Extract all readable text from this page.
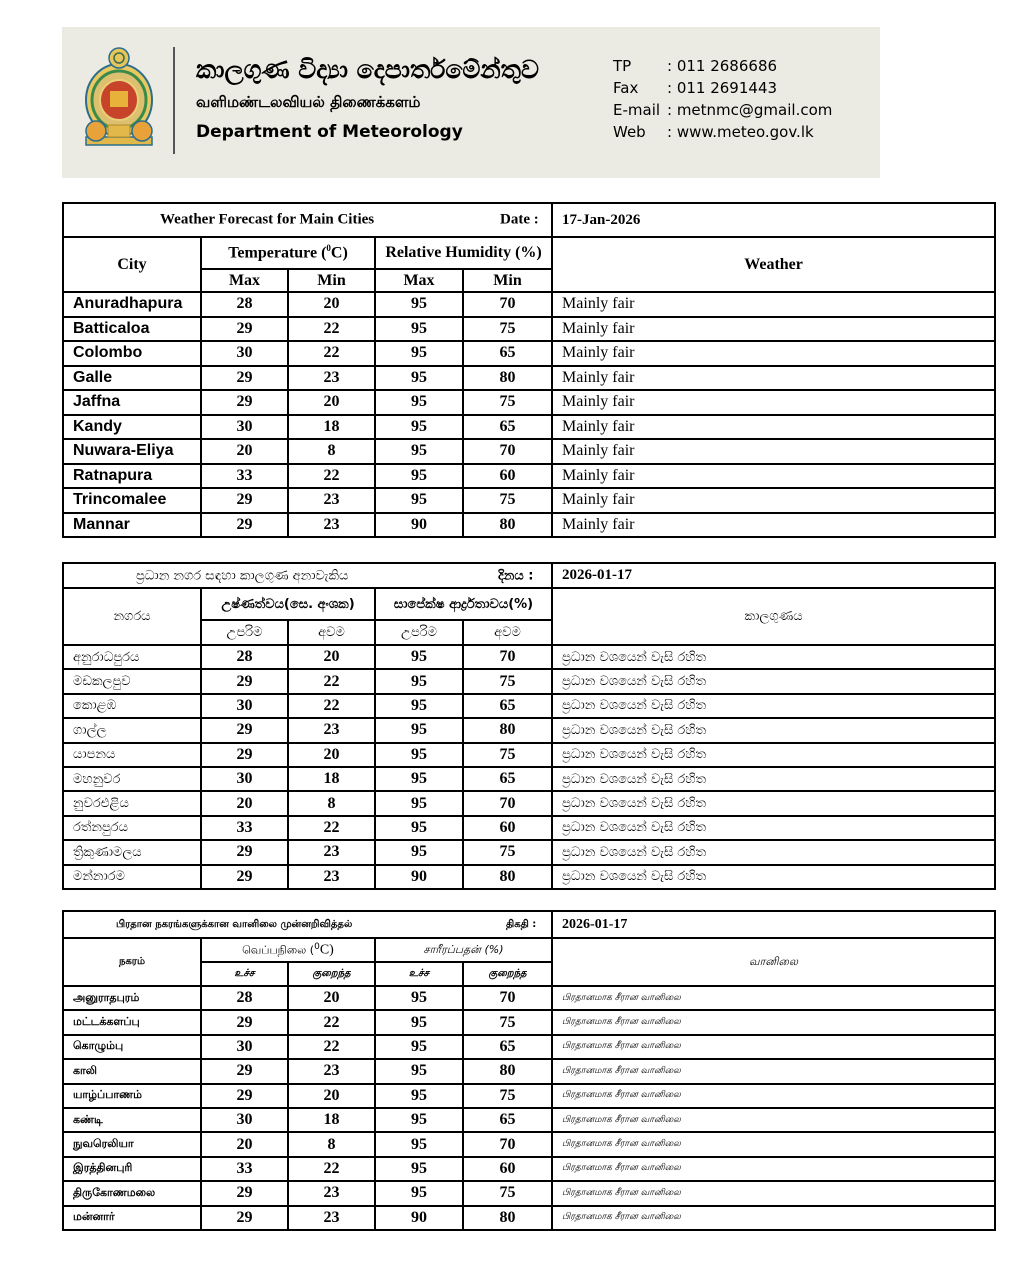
කාලගුණ විද්‍යා දෙපාර්තමේන්තුව
வளிமண்டலவியல் திணைக்களம்
Department of Meteorology
TP	: 011 2686686
Fax	: 011 2691443
E-mail : metnmc@gmail.com
Web	: www.meteo.gov.lk
Weather Forecast for Main Cities Date :					17-Jan-2026
City	Temperature ($^0$C)		Relative Humidity (%)		Weather
	Max	Min	Max	Min	
Anuradhapura	28	20	95	70	Mainly fair
Batticaloa	29	22	95	75	Mainly fair
Colombo	30	22	95	65	Mainly fair
Galle	29	23	95	80	Mainly fair
Jaffna	29	20	95	75	Mainly fair
Kandy	30	18	95	65	Mainly fair
Nuwara-Eliya	20	8	95	70	Mainly fair
Ratnapura	33	22	95	60	Mainly fair
Trincomalee	29	23	95	75	Mainly fair
Mannar	29	23	90	80	Mainly fair
ප්‍රධාන නගර සඳහා කාලගුණ අනාවැකිය දිනය :					2026-01-17
නගරය	උෂ්ණත්වය(සෙ. අංශක)		සාපේක්ෂ ආර්ද්‍රතාවය(%)		කාලගුණය
	උපරිම	අවම	උපරිම	අවම	
අනුරාධපුරය	28	20	95	70	ප්‍රධාන වශයෙන් වැසි රහිත
මඩකලපුව	29	22	95	75	ප්‍රධාන වශයෙන් වැසි රහිත
කොළඹ	30	22	95	65	ප්‍රධාන වශයෙන් වැසි රහිත
ගාල්ල	29	23	95	80	ප්‍රධාන වශයෙන් වැසි රහිත
යාපනය	29	20	95	75	ප්‍රධාන වශයෙන් වැසි රහිත
මහනුවර	30	18	95	65	ප්‍රධාන වශයෙන් වැසි රහිත
නුවරඑළිය	20	8	95	70	ප්‍රධාන වශයෙන් වැසි රහිත
රත්නපුරය	33	22	95	60	ප්‍රධාන වශයෙන් වැසි රහිත
ත්‍රිකුණාමලය	29	23	95	75	ප්‍රධාන වශයෙන් වැසි රහිත
මන්නාරම	29	23	90	80	ප්‍රධාන වශයෙන් වැසි රහිත
பிரதான நகரங்களுக்கான வானிலை முன்னறிவித்தல் திகதி :					2026-01-17
நகரம்	வெப்பநிலை ($^0$C)		சாரீரப்பதன் (%)		வானிலை
	உச்ச	குறைந்த	உச்ச	குறைந்த	
அனுராதபுரம்	28	20	95	70	பிரதானமாக சீரான வானிலை
மட்டக்களப்பு	29	22	95	75	பிரதானமாக சீரான வானிலை
கொழும்பு	30	22	95	65	பிரதானமாக சீரான வானிலை
காலி	29	23	95	80	பிரதானமாக சீரான வானிலை
யாழ்ப்பாணம்	29	20	95	75	பிரதானமாக சீரான வானிலை
கண்டி	30	18	95	65	பிரதானமாக சீரான வானிலை
நுவரெலியா	20	8	95	70	பிரதானமாக சீரான வானிலை
இரத்தினபுரி	33	22	95	60	பிரதானமாக சீரான வானிலை
திருகோணமலை	29	23	95	75	பிரதானமாக சீரான வானிலை
மன்னார்	29	23	90	80	பிரதானமாக சீரான வானிலை
